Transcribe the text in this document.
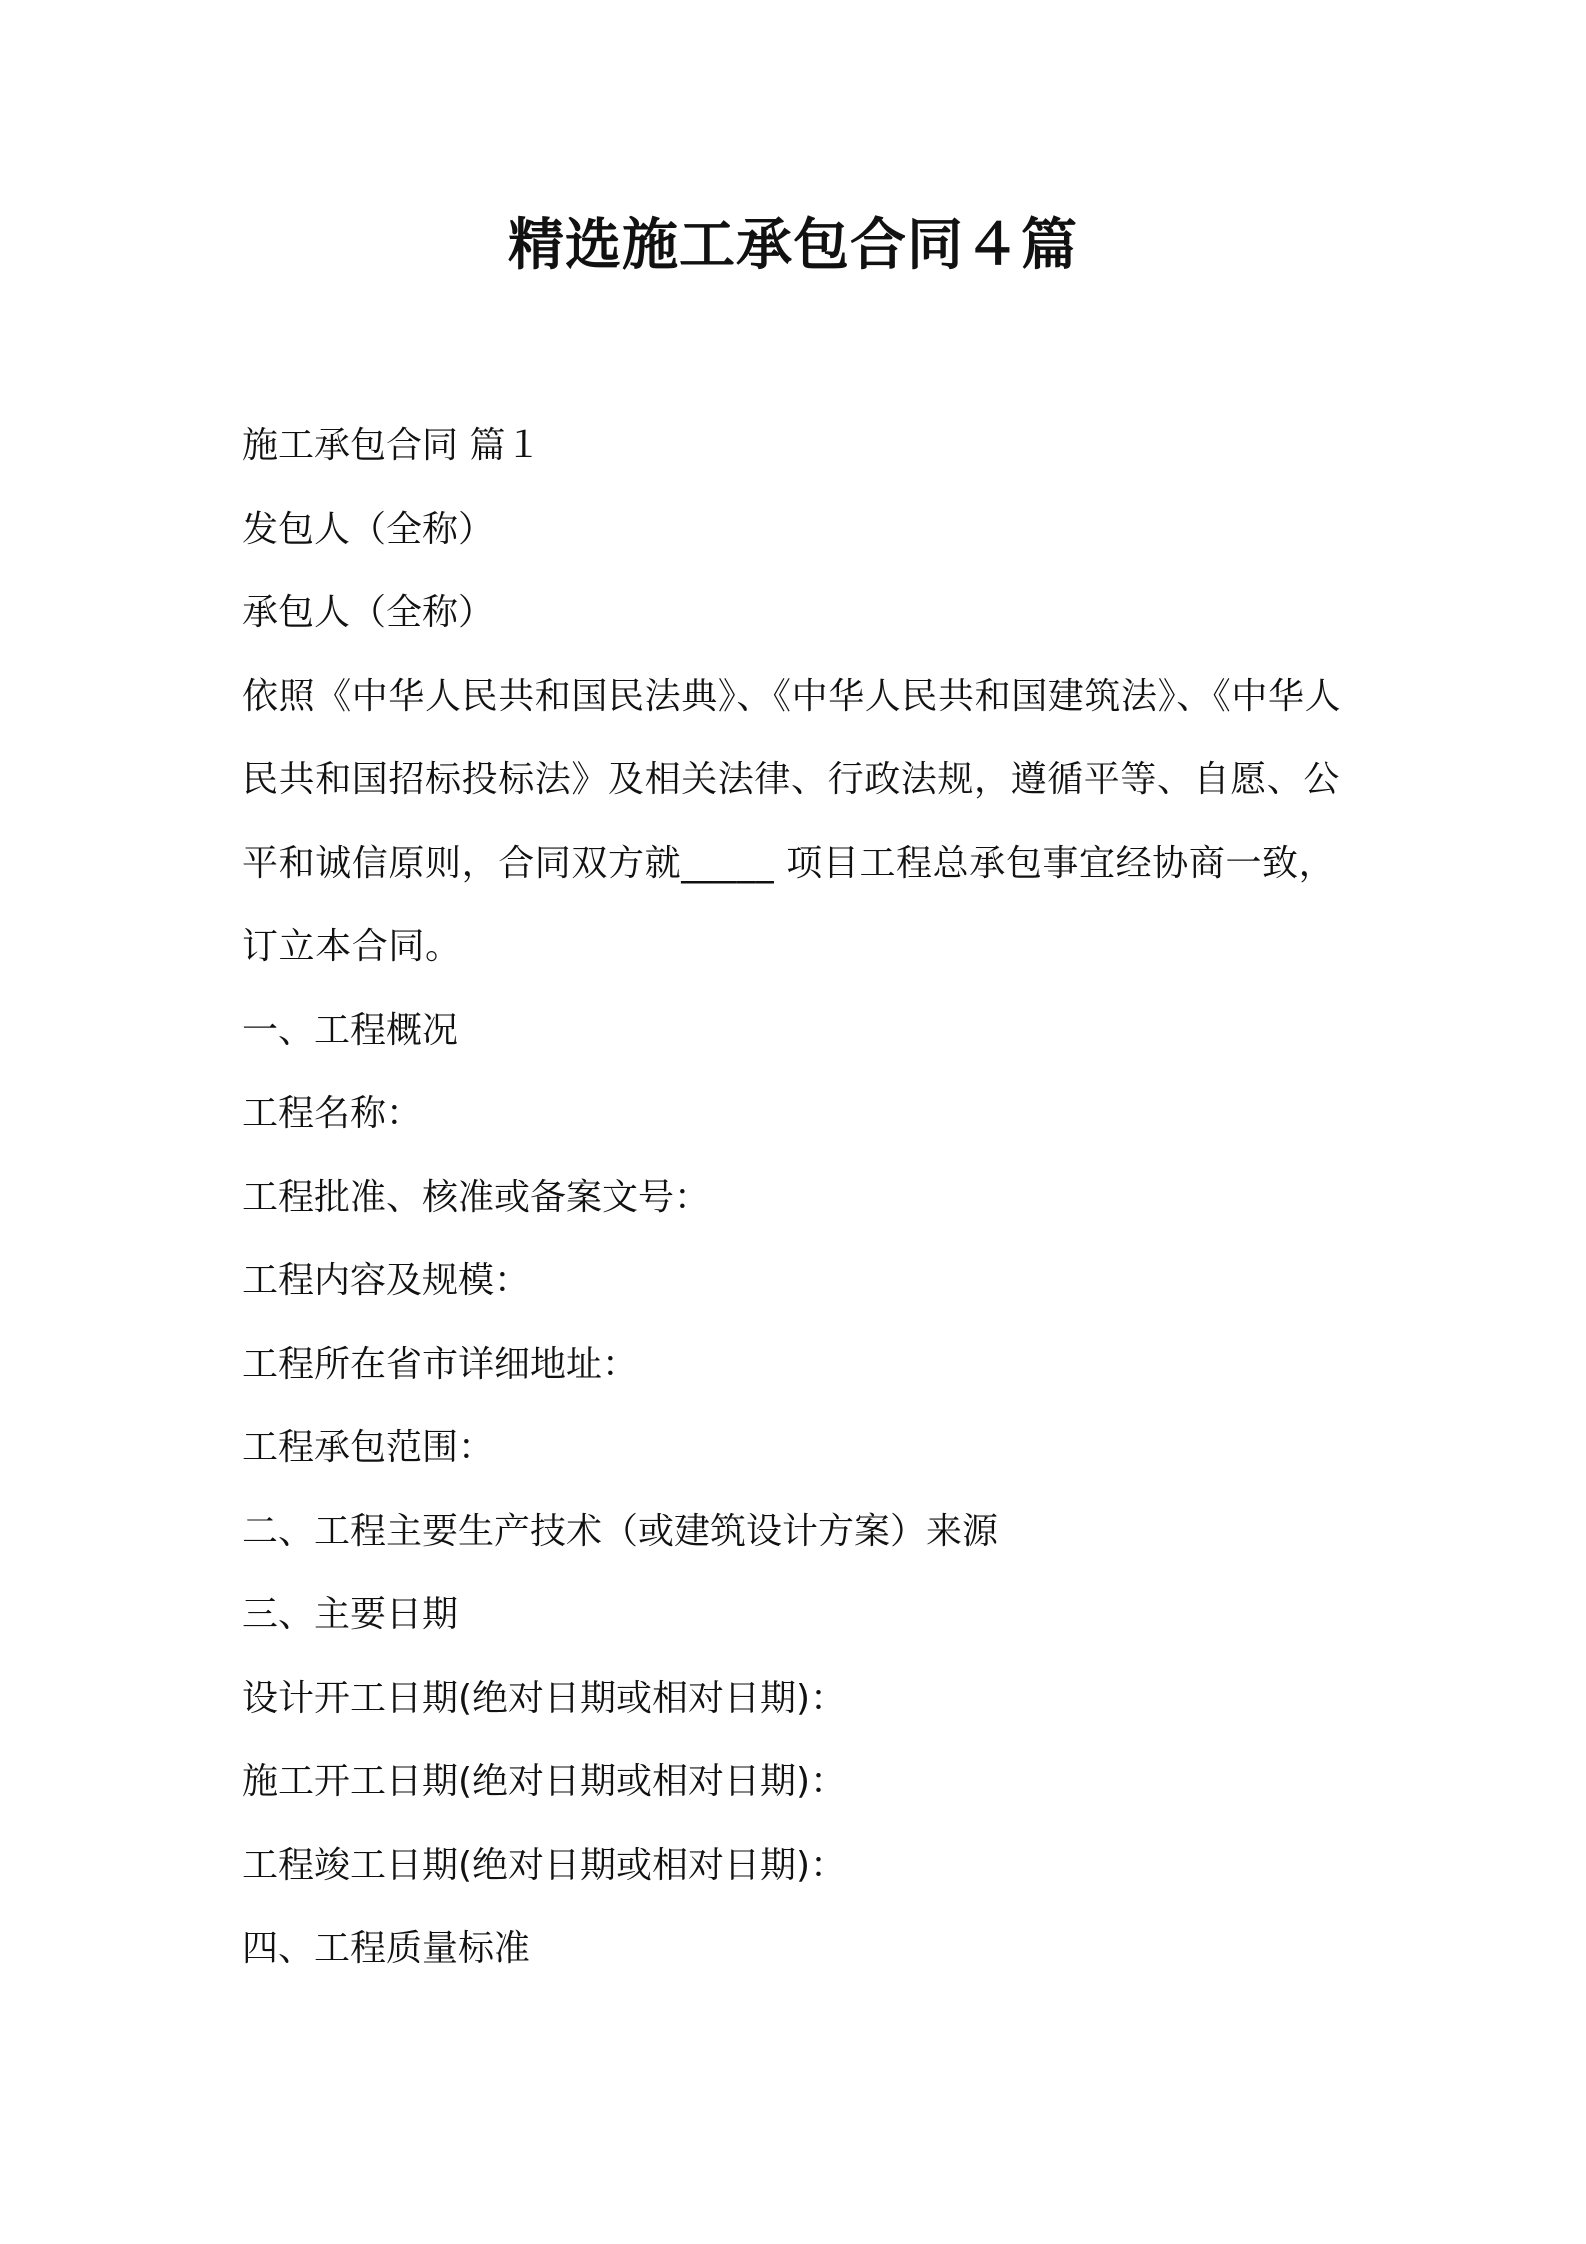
精选施工承包合同４篇
施工承包合同 篇１
发包人（全称）
承包人（全称）
依照《中华人民共和国民法典》、《中华人民共和国建筑法》、《中华人
民共和国招标投标法》及相关法律、行政法规，遵循平等、自愿、公
平和诚信原则，合同双方就_____ 项目工程总承包事宜经协商一致，
订立本合同。
一、工程概况
工程名称：
工程批准、核准或备案文号：
工程内容及规模：
工程所在省市详细地址：
工程承包范围：
二、工程主要生产技术（或建筑设计方案）来源
三、主要日期
设计开工日期(绝对日期或相对日期)：
施工开工日期(绝对日期或相对日期)：
工程竣工日期(绝对日期或相对日期)：
四、工程质量标准
